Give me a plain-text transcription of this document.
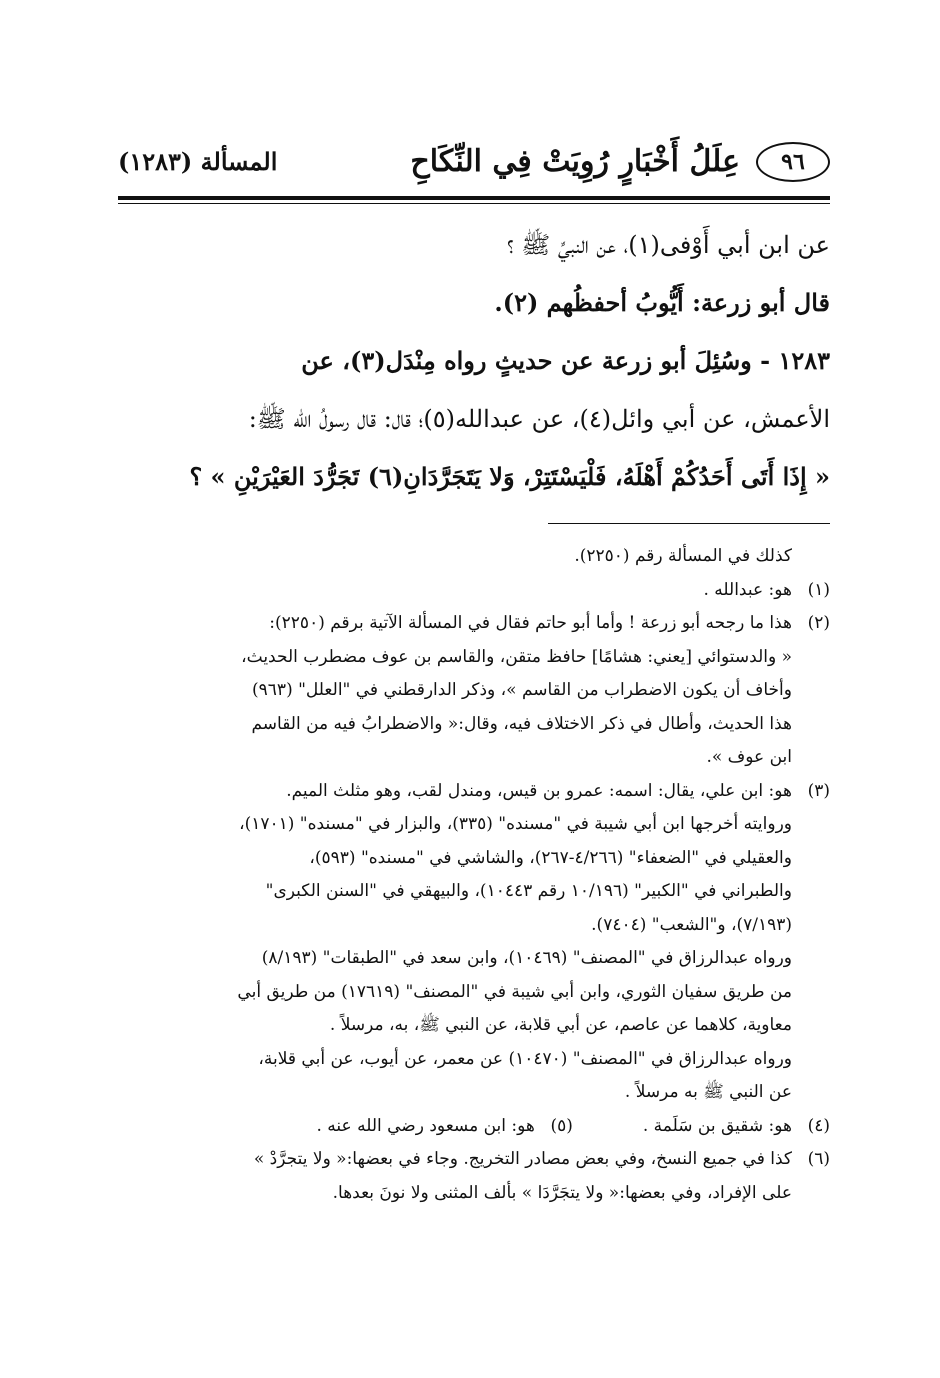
٩٦
عِلَلُ أَخْبَارٍ رُوِيَتْ فِي النِّكَاحِ
المسألة (١٢٨٣)

عن ابن أبي أَوْفى(١)، عن النبيِّ ﷺ ؟

قال أبو زرعة: أَيُّوبُ أحفظُهم (٢).

١٢٨٣ - وسُئِلَ أبو زرعة عن حديثٍ رواه مِنْدَل(٣)، عن
الأعمش، عن أبي وائل(٤)، عن عبدالله(٥)؛ قال: قال رسولُ الله ﷺ:
« إِذَا أَتَى أَحَدُكُمْ أَهْلَهُ، فَلْيَسْتَتِرْ، وَلا يَتَجَرَّدَانِ(٦) تَجَرُّدَ العَيْرَيْنِ » ؟

كذلك في المسألة رقم (٢٢٥٠).
(١)
هو: عبدالله .
(٢)
هذا ما رجحه أبو زرعة ! وأما أبو حاتم فقال في المسألة الآتية برقم (٢٢٥٠):
« والدستوائي [يعني: هشامًا] حافظ متقن، والقاسم بن عوف مضطرب الحديث،
وأخاف أن يكون الاضطراب من القاسم »، وذكر الدارقطني في "العلل" (٩٦٣)
هذا الحديث، وأطال في ذكر الاختلاف فيه، وقال:« والاضطرابُ فيه من القاسم
ابن عوف ».
(٣)
هو: ابن علي، يقال: اسمه: عمرو بن قيس، ومندل لقب، وهو مثلث الميم.
وروايته أخرجها ابن أبي شيبة في "مسنده" (٣٣٥)، والبزار في "مسنده" (١٧٠١)،
والعقيلي في "الضعفاء" (٤/٢٦٦-٢٦٧)، والشاشي في "مسنده" (٥٩٣)،
والطبراني في "الكبير" (١٠/١٩٦ رقم ١٠٤٤٣)، والبيهقي في "السنن الكبرى"
(٧/١٩٣)، و"الشعب" (٧٤٠٤).
ورواه عبدالرزاق في "المصنف" (١٠٤٦٩)، وابن سعد في "الطبقات" (٨/١٩٣)
من طريق سفيان الثوري، وابن أبي شيبة في "المصنف" (١٧٦١٩) من طريق أبي
معاوية، كلاهما عن عاصم، عن أبي قلابة، عن النبي ﷺ، به، مرسلاً .
ورواه عبدالرزاق في "المصنف" (١٠٤٧٠) عن معمر، عن أيوب، عن أبي قلابة،
عن النبي ﷺ به مرسلاً .
(٤)
هو: شقيق بن سَلَمة .
(٥)
هو: ابن مسعود رضي الله عنه .
(٦)
كذا في جميع النسخ، وفي بعض مصادر التخريج. وجاء في بعضها:« ولا يتجرَّدْ »
على الإفراد، وفي بعضها:« ولا يتجَرَّدَا » بألف المثنى ولا نونَ بعدها.
